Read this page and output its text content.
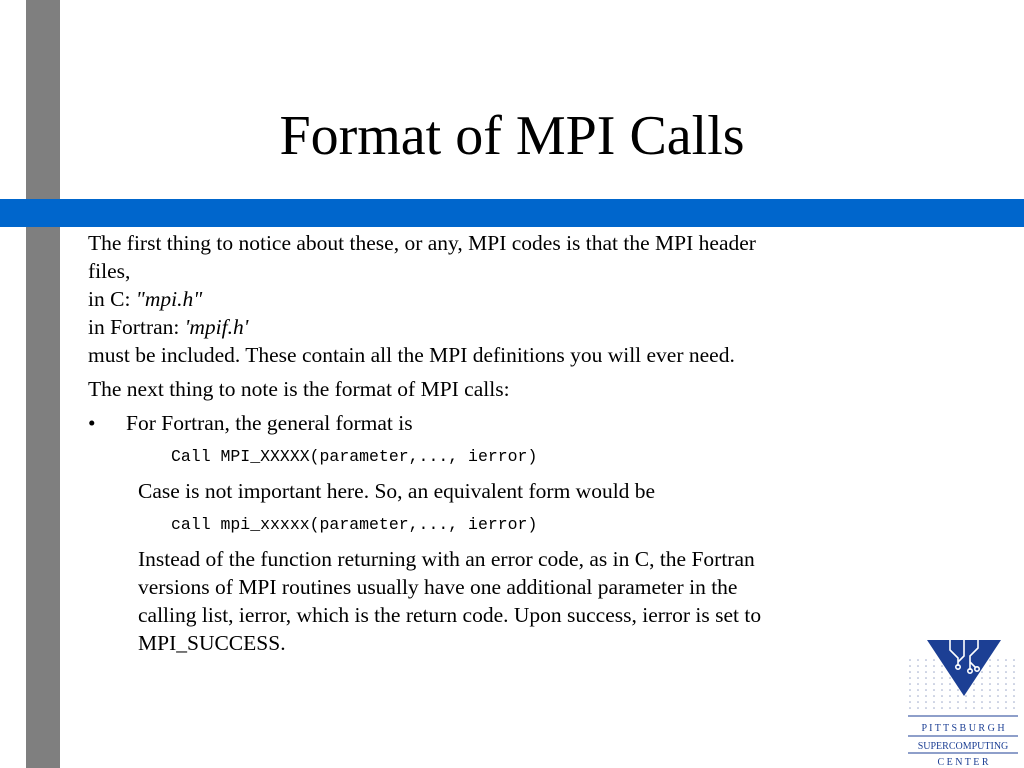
Format of MPI Calls

The first thing to notice about these, or any, MPI codes is that the MPI header
files,
in C: "mpi.h"
in Fortran: 'mpif.h'
must be included. These contain all the MPI definitions you will ever need.

The next thing to note is the format of MPI calls:

• For Fortran, the general format is
Call MPI_XXXXX(parameter,..., ierror)
Case is not important here. So, an equivalent form would be
call mpi_xxxxx(parameter,..., ierror)
Instead of the function returning with an error code, as in C, the Fortran
versions of MPI routines usually have one additional parameter in the
calling list, ierror, which is the return code. Upon success, ierror is set to
MPI_SUCCESS.
P I T T S B U R G H
SUPERCOMPUTING
C E N T E R
